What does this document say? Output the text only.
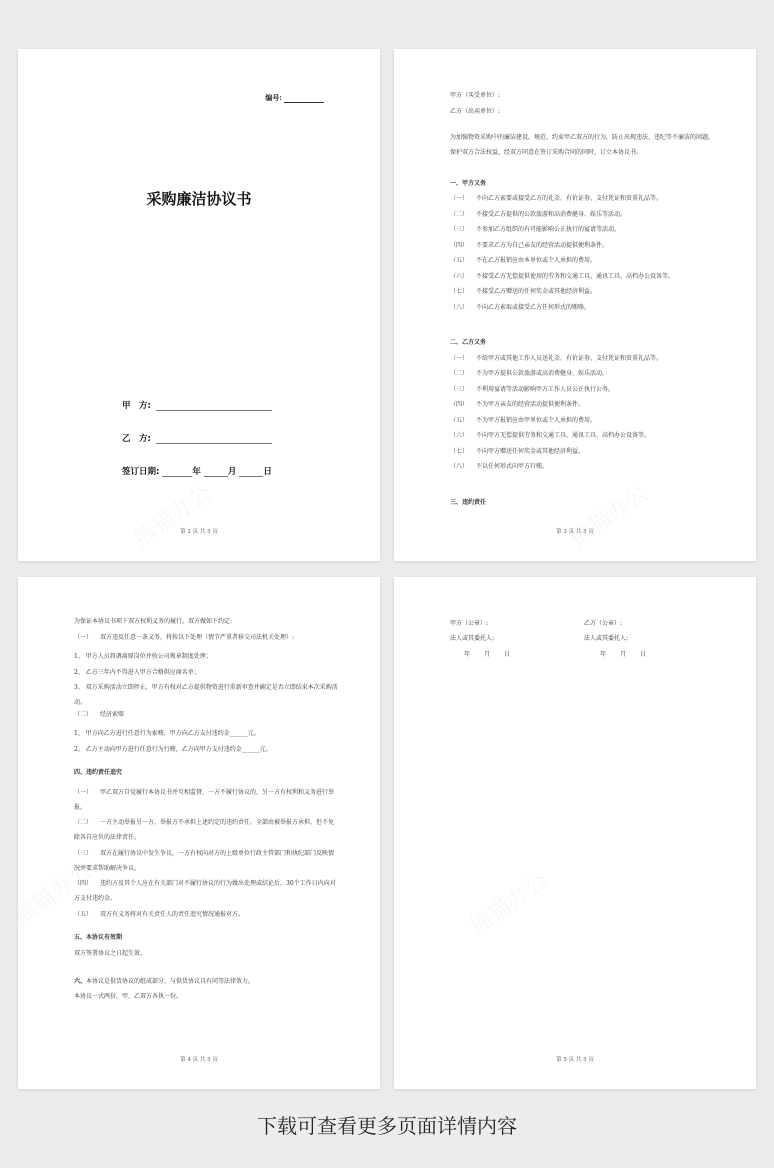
编号:
采购廉洁协议书
甲　方:
乙　方:
签订日期:	年	月	日
第 2 页 共 5 页
甲方（买受单位）:
乙方（出卖单位）:
为加强物资采购中的廉洁建设，规范、约束甲乙双方的行为，防止出现违法、违纪等不廉洁的问题，保护双方合法权益，经双方同意在签订采购合同的同时，订立本协议书。
一、甲方义务
（一） 不向乙方索要或接受乙方的礼金、有价证券、支付凭证和贵重礼品等。
（二） 不接受乙方提供的公款旅游和高消费健身、娱乐等活动。
（三） 不参加乙方组织的有可能影响公正执行的宴请等活动。
（四） 不要求乙方为自己亲友的经营活动提供便利条件。
（五） 不在乙方报销应由本单位或个人承担的费用。
（六） 不接受乙方无偿提供使用的劳务和交通工具、通讯工具、高档办公设备等。
（七） 不接受乙方赠送的任何奖金或其他经济利益。
（八） 不向乙方索取或接受乙方任何形式的贿赂。
二、乙方义务
（一） 不给甲方或其他工作人员送礼金、有价证券、支付凭证和贵重礼品等。
（二） 不为甲方提供公款旅游或高消费健身、娱乐活动。
（三） 不利用宴请等活动影响甲方工作人员公正执行公务。
（四） 不为甲方亲友的经营活动提供便利条件。
（五） 不为甲方报销应由甲单位或个人承担的费用。
（六） 不向甲方无偿提供劳务和交通工具、通讯工具、高档办公设备等。
（七） 不向甲方赠送任何奖金或其他经济利益。
（八） 不以任何形式向甲方行贿。
三、违约责任
第 3 页 共 5 页
为保证本协议书项下双方权利义务的履行，双方做如下约定:
（一） 双方违反任意一条义务，将按以下处理（情节严重者移交司法机关处理）:
1、 甲方人员将调离原岗位并按公司规章制度处理；
2、 乙方三年内不得进入甲方合格供应商名单；
3、 双方采购活动立即停止，甲方有权对乙方提供物资进行重新审查并确定是否立即结束本次采购活动。
（二） 经济索赔
1、 甲方向乙方进行任意行为索贿，甲方向乙方支付违约金______元。
2、 乙方主动向甲方进行任意行为行贿，乙方向甲方支付违约金______元。
四、违约责任追究
（一） 甲乙双方自觉履行本协议书并互相监督，一方不履行协议的，另一方有权利和义务进行举报。
（二） 一方主动举报另一方，举报方不承担上述约定的违约责任，全部由被举报方承担，但不免除各自应负的法律责任。
（三） 双方在履行协议中发生争议，一方有权向对方的上级单位行政主管部门和执纪部门反映情况并要求帮助解决争议。
（四） 违约方及其个人应在有关部门对不履行协议的行为做出处理或结论后，30个工作日内向对方支付违约金。
（五） 双方有义务将对有关责任人的责任追究情况通报对方。
五、本协议有效期
双方签署协议之日起生效。
六、本协议是供货协议的组成部分，与供货协议具有同等法律效力。
本协议一式两份，甲、乙双方各执一份。
第 4 页 共 5 页
甲方（公章）:
法人或其委托人:
年 月 日
乙方（公章）:
法人或其委托人:
年 月 日
第 5 页 共 5 页
下载可查看更多页面详情内容
